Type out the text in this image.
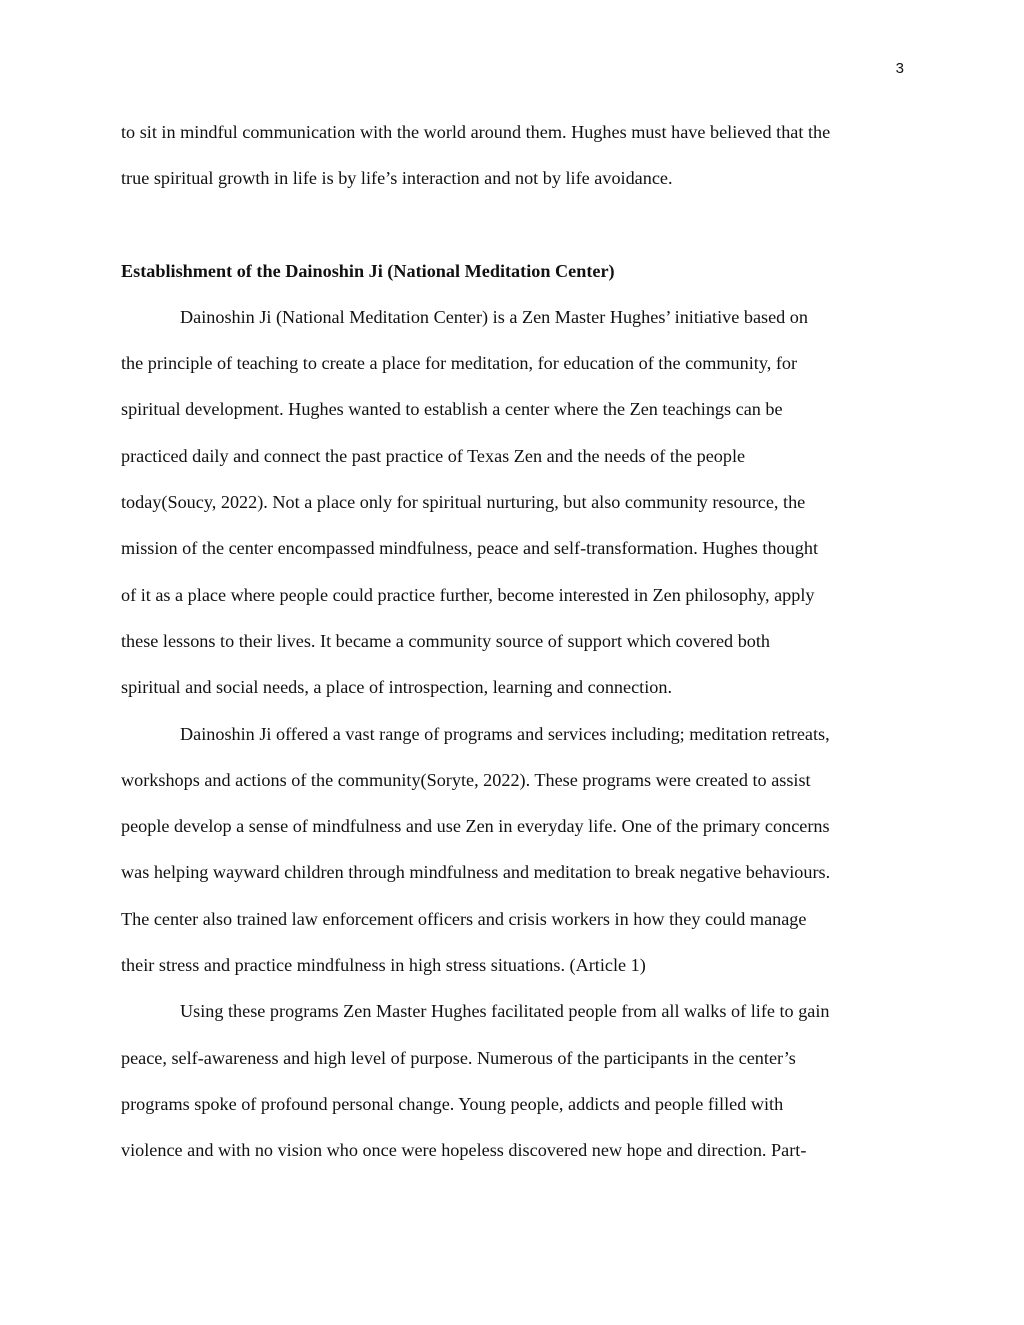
3
to sit in mindful communication with the world around them. Hughes must have believed that the
true spiritual growth in life is by life’s interaction and not by life avoidance.
Establishment of the Dainoshin Ji (National Meditation Center)
Dainoshin Ji (National Meditation Center) is a Zen Master Hughes’ initiative based on
the principle of teaching to create a place for meditation, for education of the community, for
spiritual development. Hughes wanted to establish a center where the Zen teachings can be
practiced daily and connect the past practice of Texas Zen and the needs of the people
today(Soucy, 2022). Not a place only for spiritual nurturing, but also community resource, the
mission of the center encompassed mindfulness, peace and self-transformation. Hughes thought
of it as a place where people could practice further, become interested in Zen philosophy, apply
these lessons to their lives. It became a community source of support which covered both
spiritual and social needs, a place of introspection, learning and connection.
Dainoshin Ji offered a vast range of programs and services including; meditation retreats,
workshops and actions of the community(Soryte, 2022). These programs were created to assist
people develop a sense of mindfulness and use Zen in everyday life. One of the primary concerns
was helping wayward children through mindfulness and meditation to break negative behaviours.
The center also trained law enforcement officers and crisis workers in how they could manage
their stress and practice mindfulness in high stress situations. (Article 1)
Using these programs Zen Master Hughes facilitated people from all walks of life to gain
peace, self-awareness and high level of purpose. Numerous of the participants in the center’s
programs spoke of profound personal change. Young people, addicts and people filled with
violence and with no vision who once were hopeless discovered new hope and direction. Part-
